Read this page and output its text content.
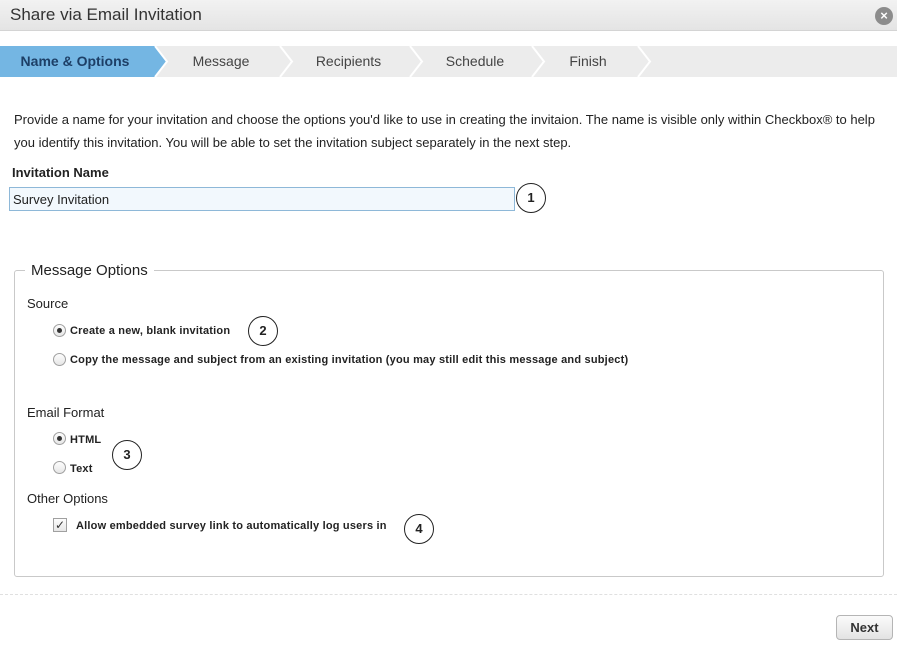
Share via Email Invitation	×
Name & Options	Message	Recipients	Schedule	Finish
Provide a name for your invitation and choose the options you'd like to use in creating the invitaion. The name is visible only within Checkbox® to help you identify this invitation. You will be able to set the invitation subject separately in the next step.
Invitation Name
Survey Invitation
1
Message Options
Source
Create a new, blank invitation	2
Copy the message and subject from an existing invitation (you may still edit this message and subject)
Email Format
HTML
3
Text
Other Options
✓ Allow embedded survey link to automatically log users in	4
Next
